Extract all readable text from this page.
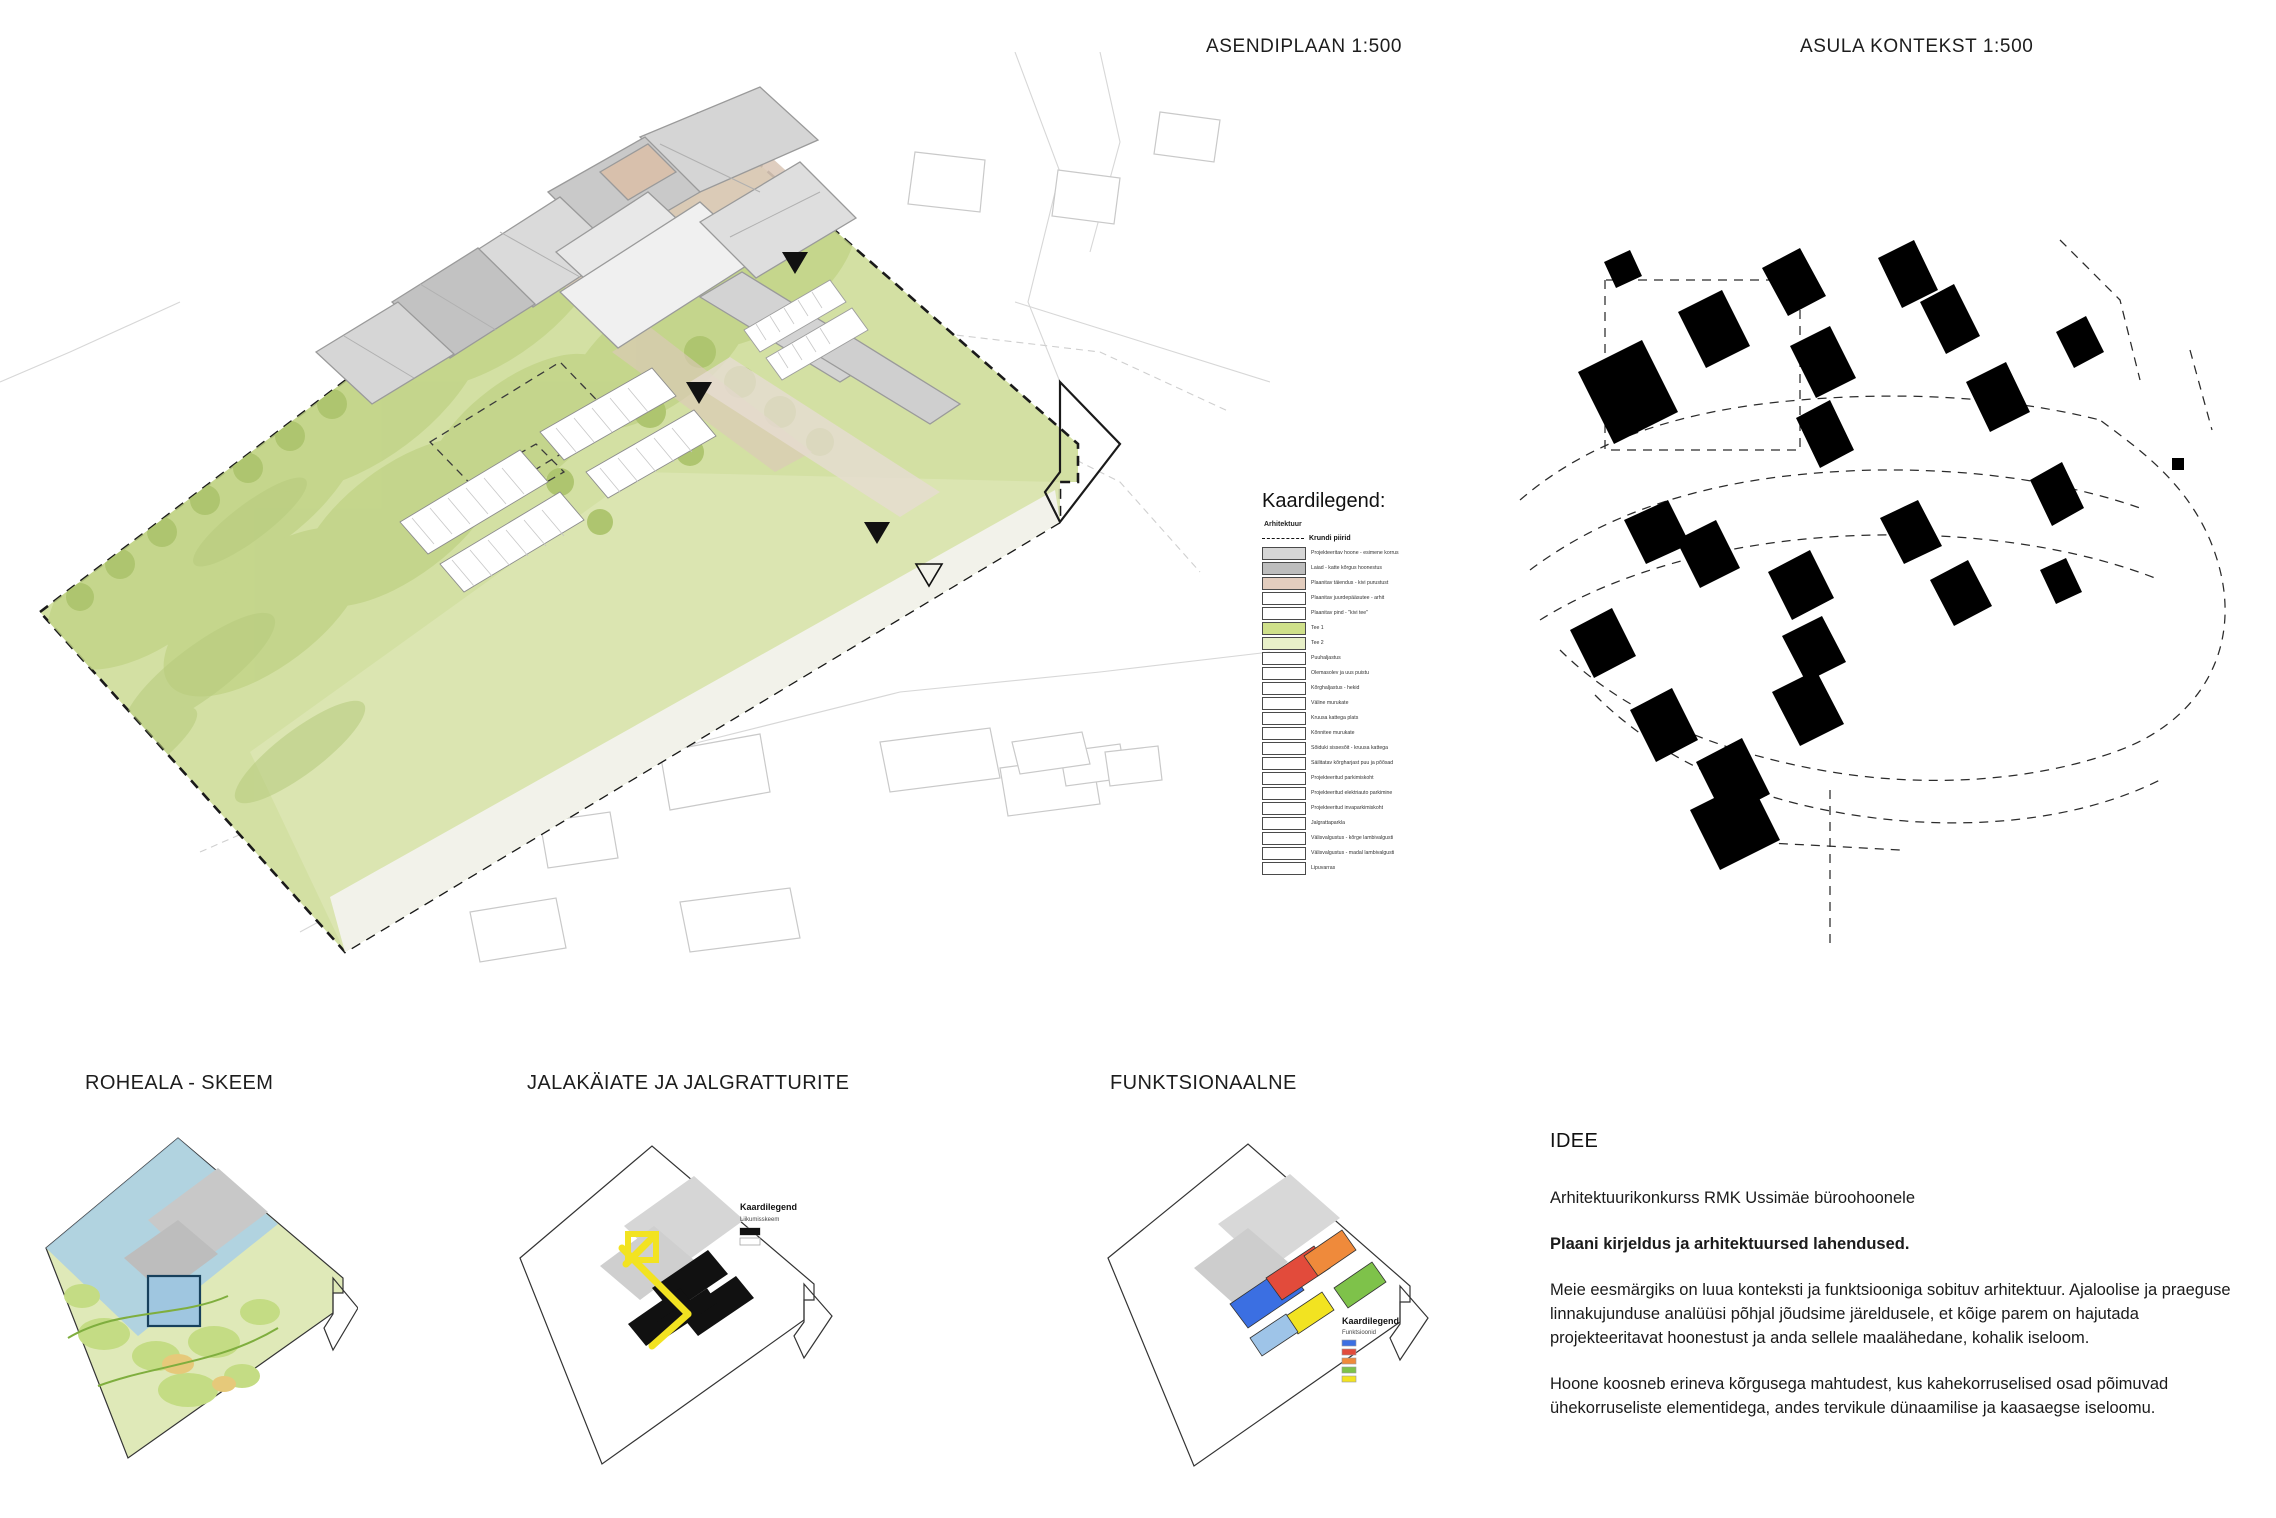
ASENDIPLAAN 1:500	ASULA KONTEKST 1:500
Kaardilegend:
Arhitektuur
Krundi piirid
Projekteeritav hoone - esimene korrus
Laiad - katte kõrgus hoonestus
Plaanitav täiendus - kivi purustust
Plaanitav juurdepääsutee - arhit
Plaanitav pind - "kivi tee"
Tee 1
Tee 2
Puuhaljastus
Olemasolev ja uus puistu
Kõrghaljastus - hekid
Väline murukate
Kruusa kattega plats
Kõnnitee murukate
Sõiduki sissesõit - kruusa kattega
Säilitatav kõrgharjast puu ja põõsad
Projekteeritud parkimiskoht
Projekteeritud elektriauto parkimine
Projekteeritud invaparkimiskoht
Jalgrattaparkla
Välisvalgustus - kõrge lambivalgusti
Välisvalgustus - madal lambivalgusti
Lipuvarras
ROHEALA - SKEEM	JALAKÄIATE JA JALGRATTURITE	FUNKTSIONAALNE
Kaardilegend
Liikumisskeem
Kaardilegend
Funktsioonid
IDEE

Arhitektuurikonkurss RMK Ussimäe büroohoonele

Plaani kirjeldus ja arhitektuursed lahendused.

Meie eesmärgiks on luua konteksti ja funktsiooniga sobituv arhitektuur. Ajaloolise ja praeguse linnakujunduse analüüsi põhjal jõudsime järeldusele, et kõige parem on hajutada projekteeritavat hoonestust ja anda sellele maalähedane, kohalik iseloom.

Hoone koosneb erineva kõrgusega mahtudest, kus kahekorruselised osad põimuvad ühekorruseliste elementidega, andes tervikule dünaamilise ja kaasaegse iseloomu.
